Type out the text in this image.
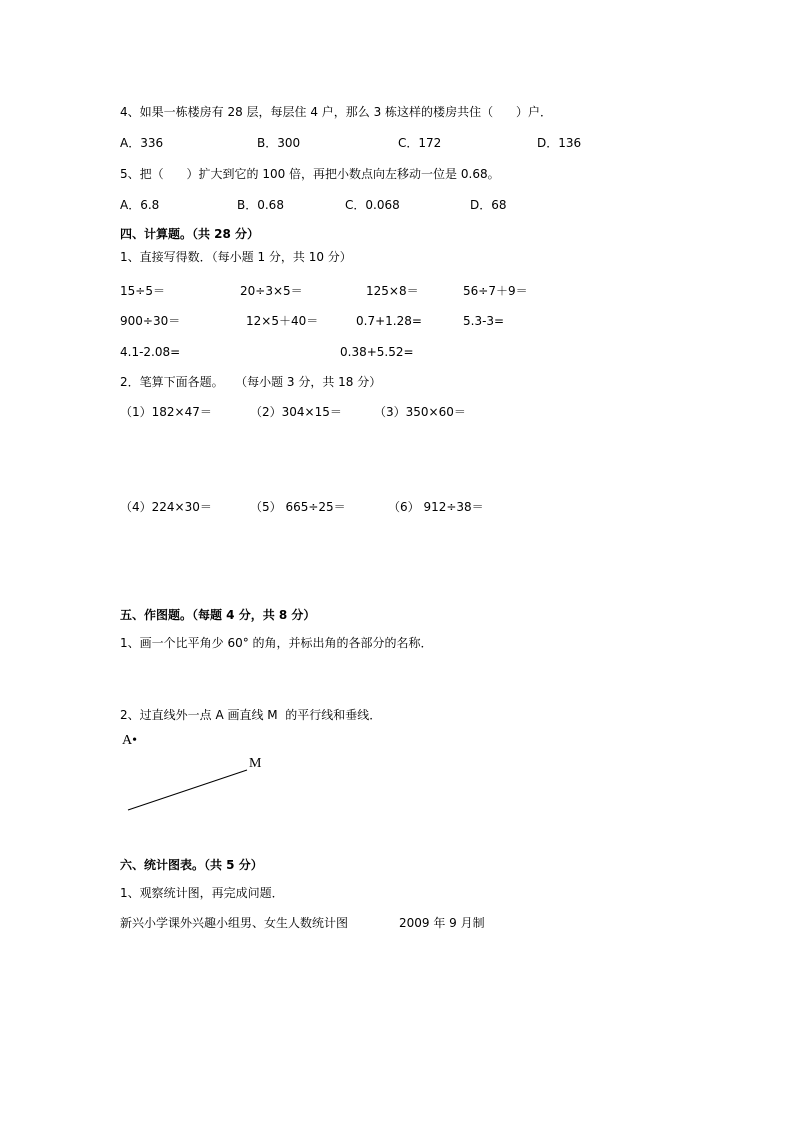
4、如果一栋楼房有 28 层，每层住 4 户，那么 3 栋这样的楼房共住（      ）户．
A．336	B．300	C．172	D．136
5、把（      ）扩大到它的 100 倍，再把小数点向左移动一位是 0.68。
A．6.8	B．0.68	C．0.068	D．68
四、计算题。（共 28 分）
1、直接写得数．（每小题 1 分，共 10 分）
15÷5＝	20÷3×5＝	125×8＝	56÷7＋9＝
900÷30＝	12×5＋40＝	0.7+1.28=	5.3-3=
4.1-2.08=	0.38+5.52=
2．笔算下面各题。   （每小题 3 分，共 18 分）
（1）182×47＝	（2）304×15＝	（3）350×60＝
（4）224×30＝	（5） 665÷25＝	（6） 912÷38＝
五、作图题。（每题 4 分，共 8 分）
1、画一个比平角少 60° 的角，并标出角的各部分的名称．
2、过直线外一点 A 画直线 M  的平行线和垂线．
A•
M
六、统计图表。（共 5 分）
1、观察统计图，再完成问题．
新兴小学课外兴趣小组男、女生人数统计图	2009 年 9 月制
